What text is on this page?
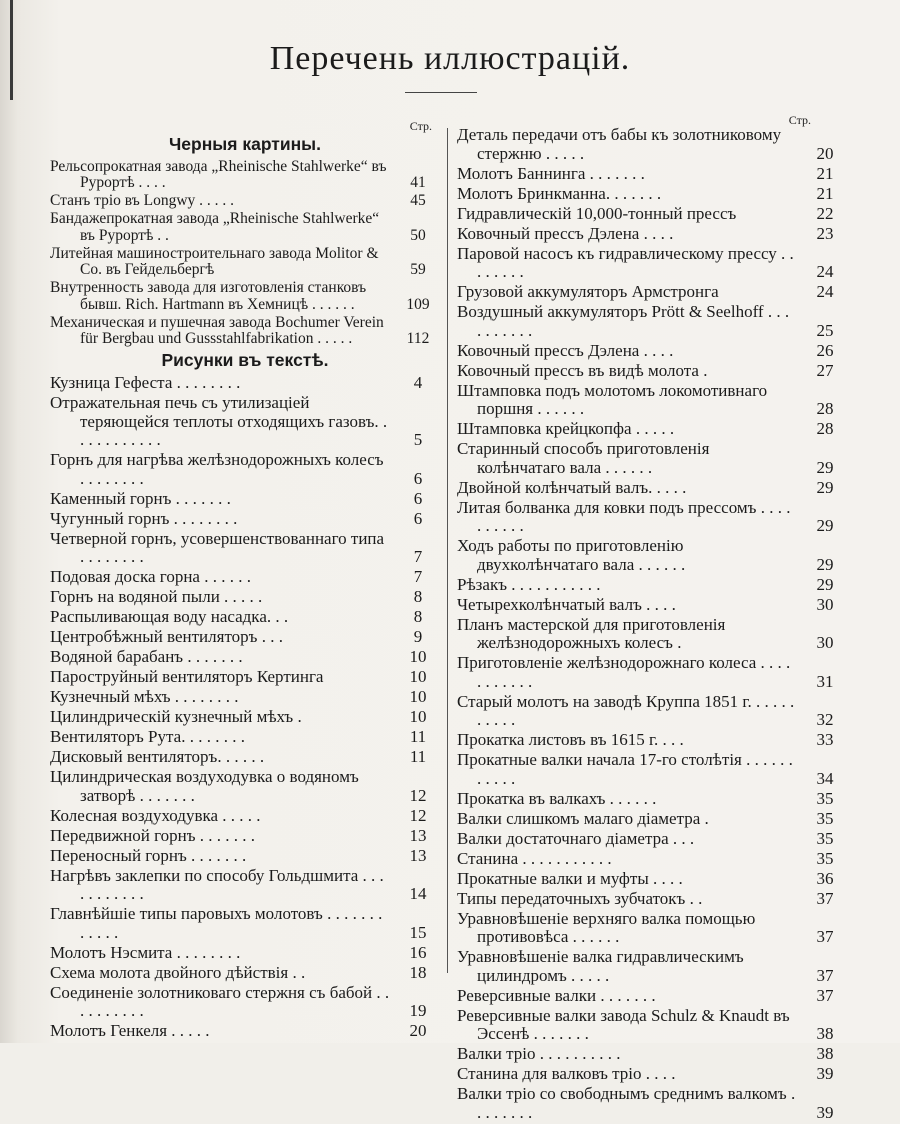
Перечень иллюстрацій.
Стр.
Черныя картины.
Рельсопрокатная завода „Rheinische Stahlwerke“ въ Рурортѣ . . . .	41
Станъ тріо въ Longwy . . . . .	45
Бандажепрокатная завода „Rheinische Stahlwerke“ въ Рурортѣ . .	50
Литейная машиностроительнаго завода Molitor & Co. въ Гейдельбергѣ	59
Внутренность завода для изготовленія станковъ бывш. Rich. Hartmann въ Хемницѣ . . . . . .	109
Механическая и пушечная завода Bochumer Verein für Bergbau und Gussstahlfabrikation . . . . .	112
Рисунки въ текстѣ.
Кузница Гефеста . . . . . . . .	4
Отражательная печь съ утилизаціей теряющейся теплоты отходящихъ газовъ. . . . . . . . . . . .	5
Горнъ для нагрѣва желѣзнодорожныхъ колесъ . . . . . . . .	6
Каменный горнъ . . . . . . .	6
Чугунный горнъ . . . . . . . .	6
Четверной горнъ, усовершенствованнаго типа . . . . . . . .	7
Подовая доска горна . . . . . .	7
Горнъ на водяной пыли . . . . .	8
Распыливающая воду насадка. . .	8
Центробѣжный вентиляторъ . . .	9
Водяной барабанъ . . . . . . .	10
Пароструйный вентиляторъ Кертинга	10
Кузнечный мѣхъ . . . . . . . .	10
Цилиндрическій кузнечный мѣхъ .	10
Вентиляторъ Рута. . . . . . . .	11
Дисковый вентиляторъ. . . . . .	11
Цилиндрическая воздуходувка о водяномъ затворѣ . . . . . . .	12
Колесная воздуходувка . . . . .	12
Передвижной горнъ . . . . . . .	13
Переносный горнъ . . . . . . .	13
Нагрѣвъ заклепки по способу Гольдшмита . . . . . . . . . . .	14
Главнѣйшіе типы паровыхъ молотовъ . . . . . . . . . . . .	15
Молотъ Нэсмита . . . . . . . .	16
Схема молота двойного дѣйствія . .	18
Соединеніе золотниковаго стержня съ бабой . . . . . . . . . .	19
Молотъ Генкеля . . . . .	20
Стр.
Деталь передачи отъ бабы къ золотниковому стержню . . . . .	20
Молотъ Баннинга . . . . . . .	21
Молотъ Бринкманна. . . . . . .	21
Гидравлическій 10,000-тонный прессъ	22
Ковочный прессъ Дэлена . . . .	23
Паровой насосъ къ гидравлическому прессу . . . . . . . .	24
Грузовой аккумуляторъ Армстронга	24
Воздушный аккумуляторъ Prött & Seelhoff . . . . . . . . . .	25
Ковочный прессъ Дэлена . . . .	26
Ковочный прессъ въ видѣ молота .	27
Штамповка подъ молотомъ локомотивнаго поршня . . . . . .	28
Штамповка крейцкопфа . . . . .	28
Старинный способъ приготовленія колѣнчатаго вала . . . . . .	29
Двойной колѣнчатый валъ. . . . .	29
Литая болванка для ковки подъ прессомъ . . . . . . . . . .	29
Ходъ работы по приготовленію двухколѣнчатаго вала . . . . . .	29
Рѣзакъ . . . . . . . . . . .	29
Четырехколѣнчатый валъ . . . .	30
Планъ мастерской для приготовленія желѣзнодорожныхъ колесъ .	30
Приготовленіе желѣзнодорожнаго колеса . . . . . . . . . . .	31
Старый молотъ на заводѣ Круппа 1851 г. . . . . . . . . . .	32
Прокатка листовъ въ 1615 г. . . .	33
Прокатные валки начала 17-го столѣтія . . . . . . . . . . .	34
Прокатка въ валкахъ . . . . . .	35
Валки слишкомъ малаго діаметра .	35
Валки достаточнаго діаметра . . .	35
Станина . . . . . . . . . . .	35
Прокатные валки и муфты . . . .	36
Типы передаточныхъ зубчатокъ . .	37
Уравновѣшеніе верхняго валка помощью противовѣса . . . . . .	37
Уравновѣшеніе валка гидравлическимъ цилиндромъ . . . . .	37
Реверсивные валки . . . . . . .	37
Реверсивные валки завода Schulz & Knaudt въ Эссенѣ . . . . . . .	38
Валки тріо . . . . . . . . . .	38
Станина для валковъ тріо . . . .	39
Валки тріо со свободнымъ среднимъ валкомъ . . . . . . . .	39
